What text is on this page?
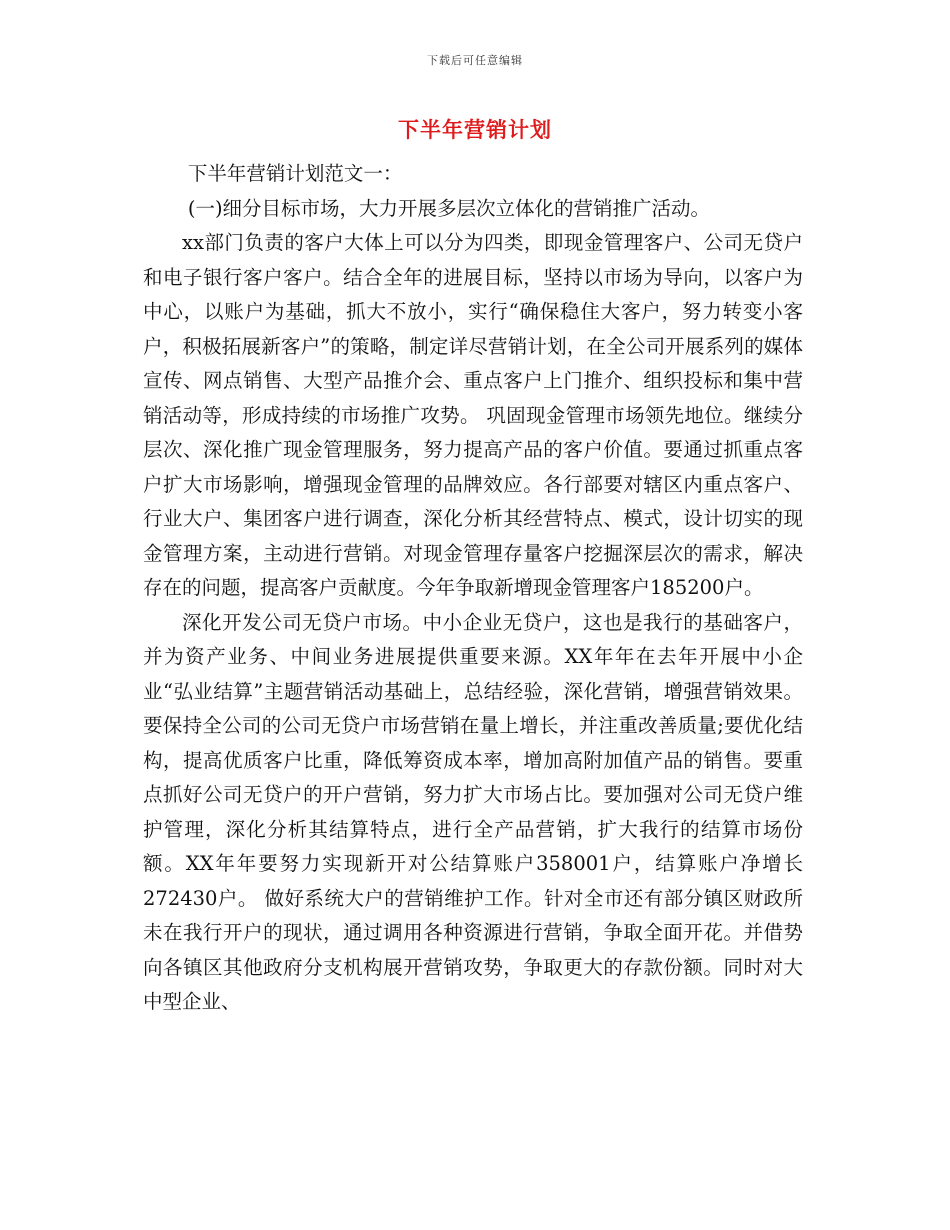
下载后可任意编辑
下半年营销计划

下半年营销计划范文一：

(一)细分目标市场，大力开展多层次立体化的营销推广活动。

xx部门负责的客户大体上可以分为四类，即现金管理客户、公司无贷户和电子银行客户客户。结合全年的进展目标，坚持以市场为导向，以客户为中心，以账户为基础，抓大不放小，实行“确保稳住大客户，努力转变小客户，积极拓展新客户”的策略，制定详尽营销计划，在全公司开展系列的媒体宣传、网点销售、大型产品推介会、重点客户上门推介、组织投标和集中营销活动等，形成持续的市场推广攻势。 巩固现金管理市场领先地位。继续分层次、深化推广现金管理服务，努力提高产品的客户价值。要通过抓重点客户扩大市场影响，增强现金管理的品牌效应。各行部要对辖区内重点客户、行业大户、集团客户进行调查，深化分析其经营特点、模式，设计切实的现金管理方案，主动进行营销。对现金管理存量客户挖掘深层次的需求，解决存在的问题，提高客户贡献度。今年争取新增现金管理客户185200户。

深化开发公司无贷户市场。中小企业无贷户，这也是我行的基础客户，并为资产业务、中间业务进展提供重要来源。XX年年在去年开展中小企业“弘业结算”主题营销活动基础上，总结经验，深化营销，增强营销效果。要保持全公司的公司无贷户市场营销在量上增长，并注重改善质量;要优化结构，提高优质客户比重，降低筹资成本率，增加高附加值产品的销售。要重点抓好公司无贷户的开户营销，努力扩大市场占比。要加强对公司无贷户维护管理，深化分析其结算特点，进行全产品营销，扩大我行的结算市场份额。XX年年要努力实现新开对公结算账户358001户，结算账户净增长272430户。 做好系统大户的营销维护工作。针对全市还有部分镇区财政所未在我行开户的现状，通过调用各种资源进行营销，争取全面开花。并借势向各镇区其他政府分支机构展开营销攻势，争取更大的存款份额。同时对大中型企业、
